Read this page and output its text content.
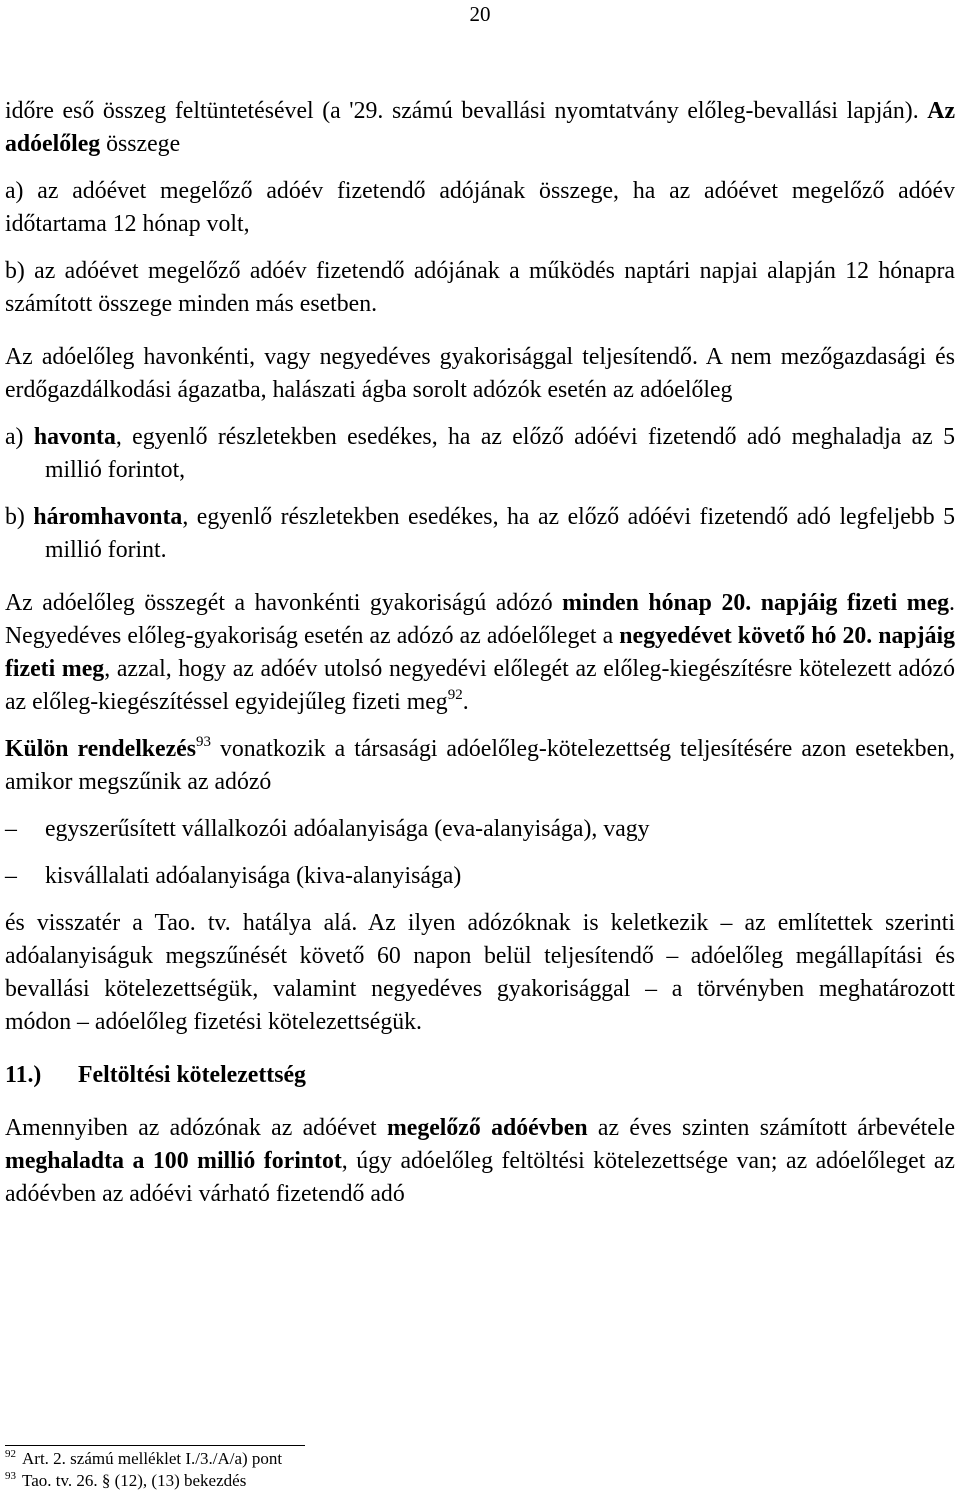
20

időre eső összeg feltüntetésével (a '29. számú bevallási nyomtatvány előleg-bevallási lapján). Az adóelőleg összege

a) az adóévet megelőző adóév fizetendő adójának összege, ha az adóévet megelőző adóév időtartama 12 hónap volt,

b) az adóévet megelőző adóév fizetendő adójának a működés naptári napjai alapján 12 hónapra számított összege minden más esetben.

Az adóelőleg havonkénti, vagy negyedéves gyakorisággal teljesítendő. A nem mezőgazdasági és erdőgazdálkodási ágazatba, halászati ágba sorolt adózók esetén az adóelőleg

a) havonta, egyenlő részletekben esedékes, ha az előző adóévi fizetendő adó meghaladja az 5 millió forintot,

b) háromhavonta, egyenlő részletekben esedékes, ha az előző adóévi fizetendő adó legfeljebb 5 millió forint.

Az adóelőleg összegét a havonkénti gyakoriságú adózó minden hónap 20. napjáig fizeti meg. Negyedéves előleg-gyakoriság esetén az adózó az adóelőleget a negyedévet követő hó 20. napjáig fizeti meg, azzal, hogy az adóév utolsó negyedévi előlegét az előleg-kiegészítésre kötelezett adózó az előleg-kiegészítéssel egyidejűleg fizeti meg$^{92}$.

Külön rendelkezés$^{93}$ vonatkozik a társasági adóelőleg-kötelezettség teljesítésére azon esetekben, amikor megszűnik az adózó

–	egyszerűsített vállalkozói adóalanyisága (eva-alanyisága), vagy
–	kisvállalati adóalanyisága (kiva-alanyisága)

és visszatér a Tao. tv. hatálya alá. Az ilyen adózóknak is keletkezik – az említettek szerinti adóalanyiságuk megszűnését követő 60 napon belül teljesítendő – adóelőleg megállapítási és bevallási kötelezettségük, valamint negyedéves gyakorisággal – a törvényben meghatározott módon – adóelőleg fizetési kötelezettségük.

11.) Feltöltési kötelezettség

Amennyiben az adózónak az adóévet megelőző adóévben az éves szinten számított árbevétele meghaladta a 100 millió forintot, úgy adóelőleg feltöltési kötelezettsége van; az adóelőleget az adóévben az adóévi várható fizetendő adó

$^{92}$ Art. 2. számú melléklet I./3./A/a) pont
$^{93}$ Tao. tv. 26. § (12), (13) bekezdés
